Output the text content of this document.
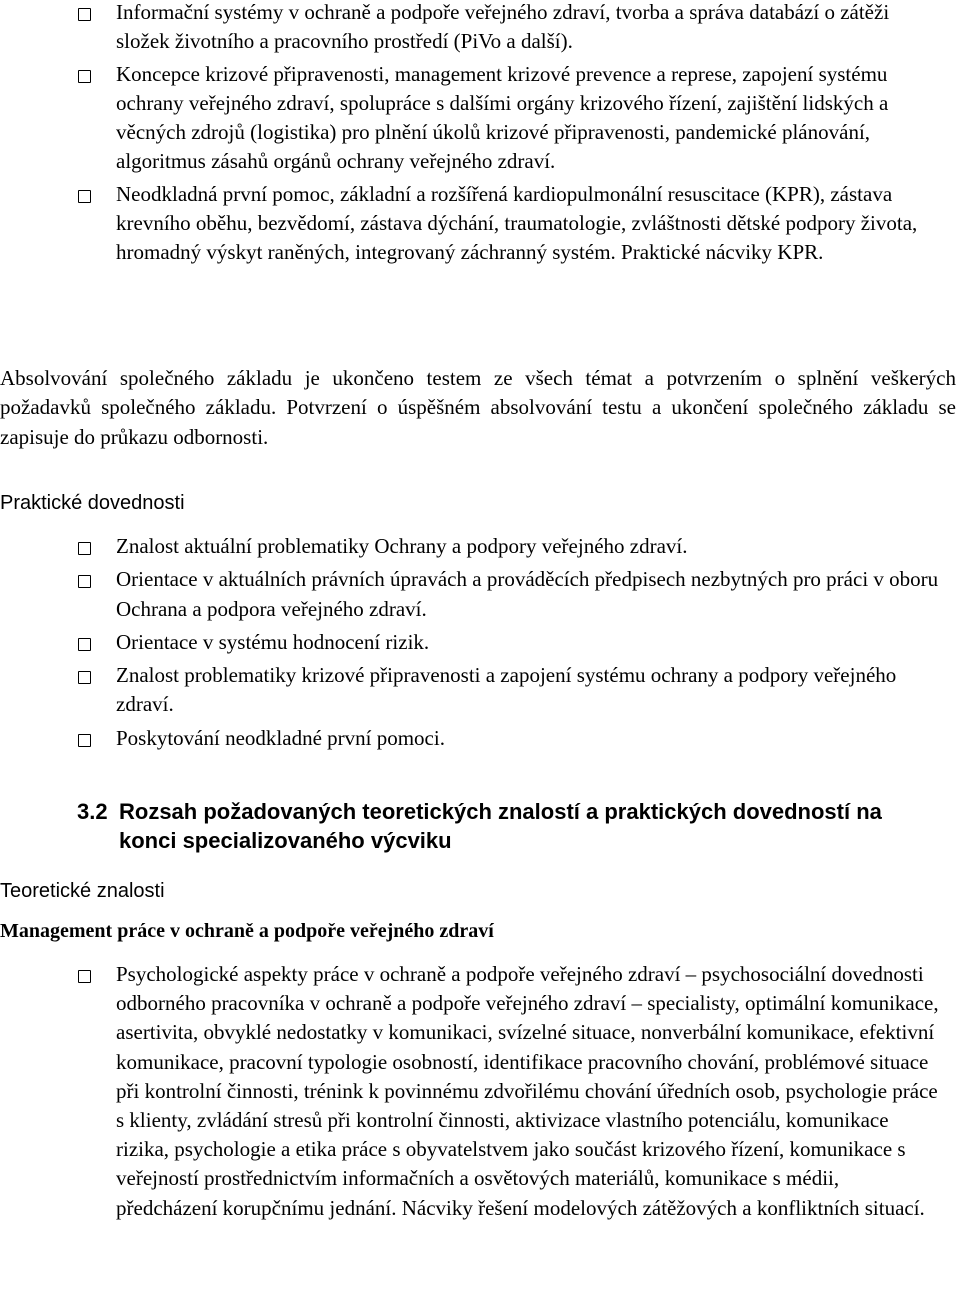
Informační systémy v ochraně a podpoře veřejného zdraví, tvorba a správa databází o zátěži složek životního a pracovního prostředí (PiVo a další).
Koncepce krizové připravenosti, management krizové prevence a represe, zapojení systému ochrany veřejného zdraví, spolupráce s dalšími orgány krizového řízení, zajištění lidských a věcných zdrojů (logistika) pro plnění úkolů krizové připravenosti, pandemické plánování, algoritmus zásahů orgánů ochrany veřejného zdraví.
Neodkladná první pomoc, základní a rozšířená kardiopulmonální resuscitace (KPR), zástava krevního oběhu, bezvědomí, zástava dýchání, traumatologie, zvláštnosti dětské podpory života, hromadný výskyt raněných, integrovaný záchranný systém. Praktické nácviky KPR.

Absolvování společného základu je ukončeno testem ze všech témat a potvrzením o splnění veškerých požadavků společného základu. Potvrzení o úspěšném absolvování testu a ukončení společného základu se zapisuje do průkazu odbornosti.

Praktické dovednosti
Znalost aktuální problematiky Ochrany a podpory veřejného zdraví.
Orientace v aktuálních právních úpravách a prováděcích předpisech nezbytných pro práci v oboru Ochrana a podpora veřejného zdraví.
Orientace v systému hodnocení rizik.
Znalost problematiky krizové připravenosti a zapojení systému ochrany a podpory veřejného zdraví.
Poskytování neodkladné první pomoci.
3.2 Rozsah požadovaných teoretických znalostí a praktických dovedností na konci specializovaného výcviku
Teoretické znalosti
Management práce v ochraně a podpoře veřejného zdraví
Psychologické aspekty práce v ochraně a podpoře veřejného zdraví – psychosociální dovednosti odborného pracovníka v ochraně a podpoře veřejného zdraví – specialisty, optimální komunikace, asertivita, obvyklé nedostatky v komunikaci, svízelné situace, nonverbální komunikace, efektivní komunikace, pracovní typologie osobností, identifikace pracovního chování, problémové situace při kontrolní činnosti, trénink k povinnému zdvořilému chování úředních osob, psychologie práce s klienty, zvládání stresů při kontrolní činnosti, aktivizace vlastního potenciálu, komunikace rizika, psychologie a etika práce s obyvatelstvem jako součást krizového řízení, komunikace s veřejností prostřednictvím informačních a osvětových materiálů, komunikace s médii, předcházení korupčnímu jednání. Nácviky řešení modelových zátěžových a konfliktních situací.
